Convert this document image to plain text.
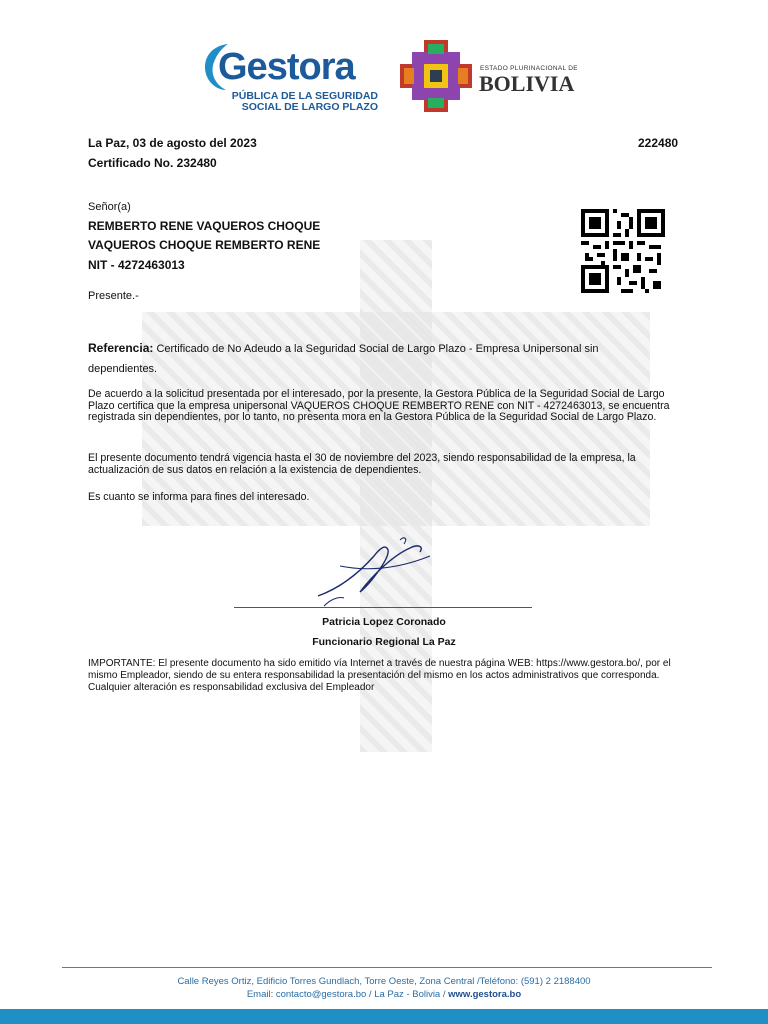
Gestora
PÚBLICA DE LA SEGURIDAD
SOCIAL DE LARGO PLAZO
ESTADO PLURINACIONAL DE
BOLIVIA
La Paz, 03 de agosto del 2023	222480
Certificado No. 232480
Señor(a)
REMBERTO RENE VAQUEROS CHOQUE
VAQUEROS CHOQUE REMBERTO RENE
NIT - 4272463013
Presente.-
Referencia: Certificado de No Adeudo a la Seguridad Social de Largo Plazo - Empresa Unipersonal sin
dependientes.
De acuerdo a la solicitud presentada por el interesado, por la presente, la Gestora Pública de la Seguridad Social de Largo Plazo certifica que la empresa unipersonal VAQUEROS CHOQUE REMBERTO RENE con NIT - 4272463013, se encuentra registrada sin dependientes, por lo tanto, no presenta mora en la Gestora Pública de la Seguridad Social de Largo Plazo.
El presente documento tendrá vigencia hasta el 30 de noviembre del 2023, siendo responsabilidad de la empresa, la actualización de sus datos en relación a la existencia de dependientes.
Es cuanto se informa para fines del interesado.
Patricia Lopez Coronado
Funcionario Regional La Paz
IMPORTANTE: El presente documento ha sido emitido vía Internet a través de nuestra página WEB: https://www.gestora.bo/, por el mismo Empleador, siendo de su entera responsabilidad la presentación del mismo en los actos administrativos que corresponda. Cualquier alteración es responsabilidad exclusiva del Empleador
Calle Reyes Ortiz, Edificio Torres Gundlach, Torre Oeste, Zona Central /Teléfono: (591) 2 2188400
Email: contacto@gestora.bo / La Paz - Bolivia / www.gestora.bo
